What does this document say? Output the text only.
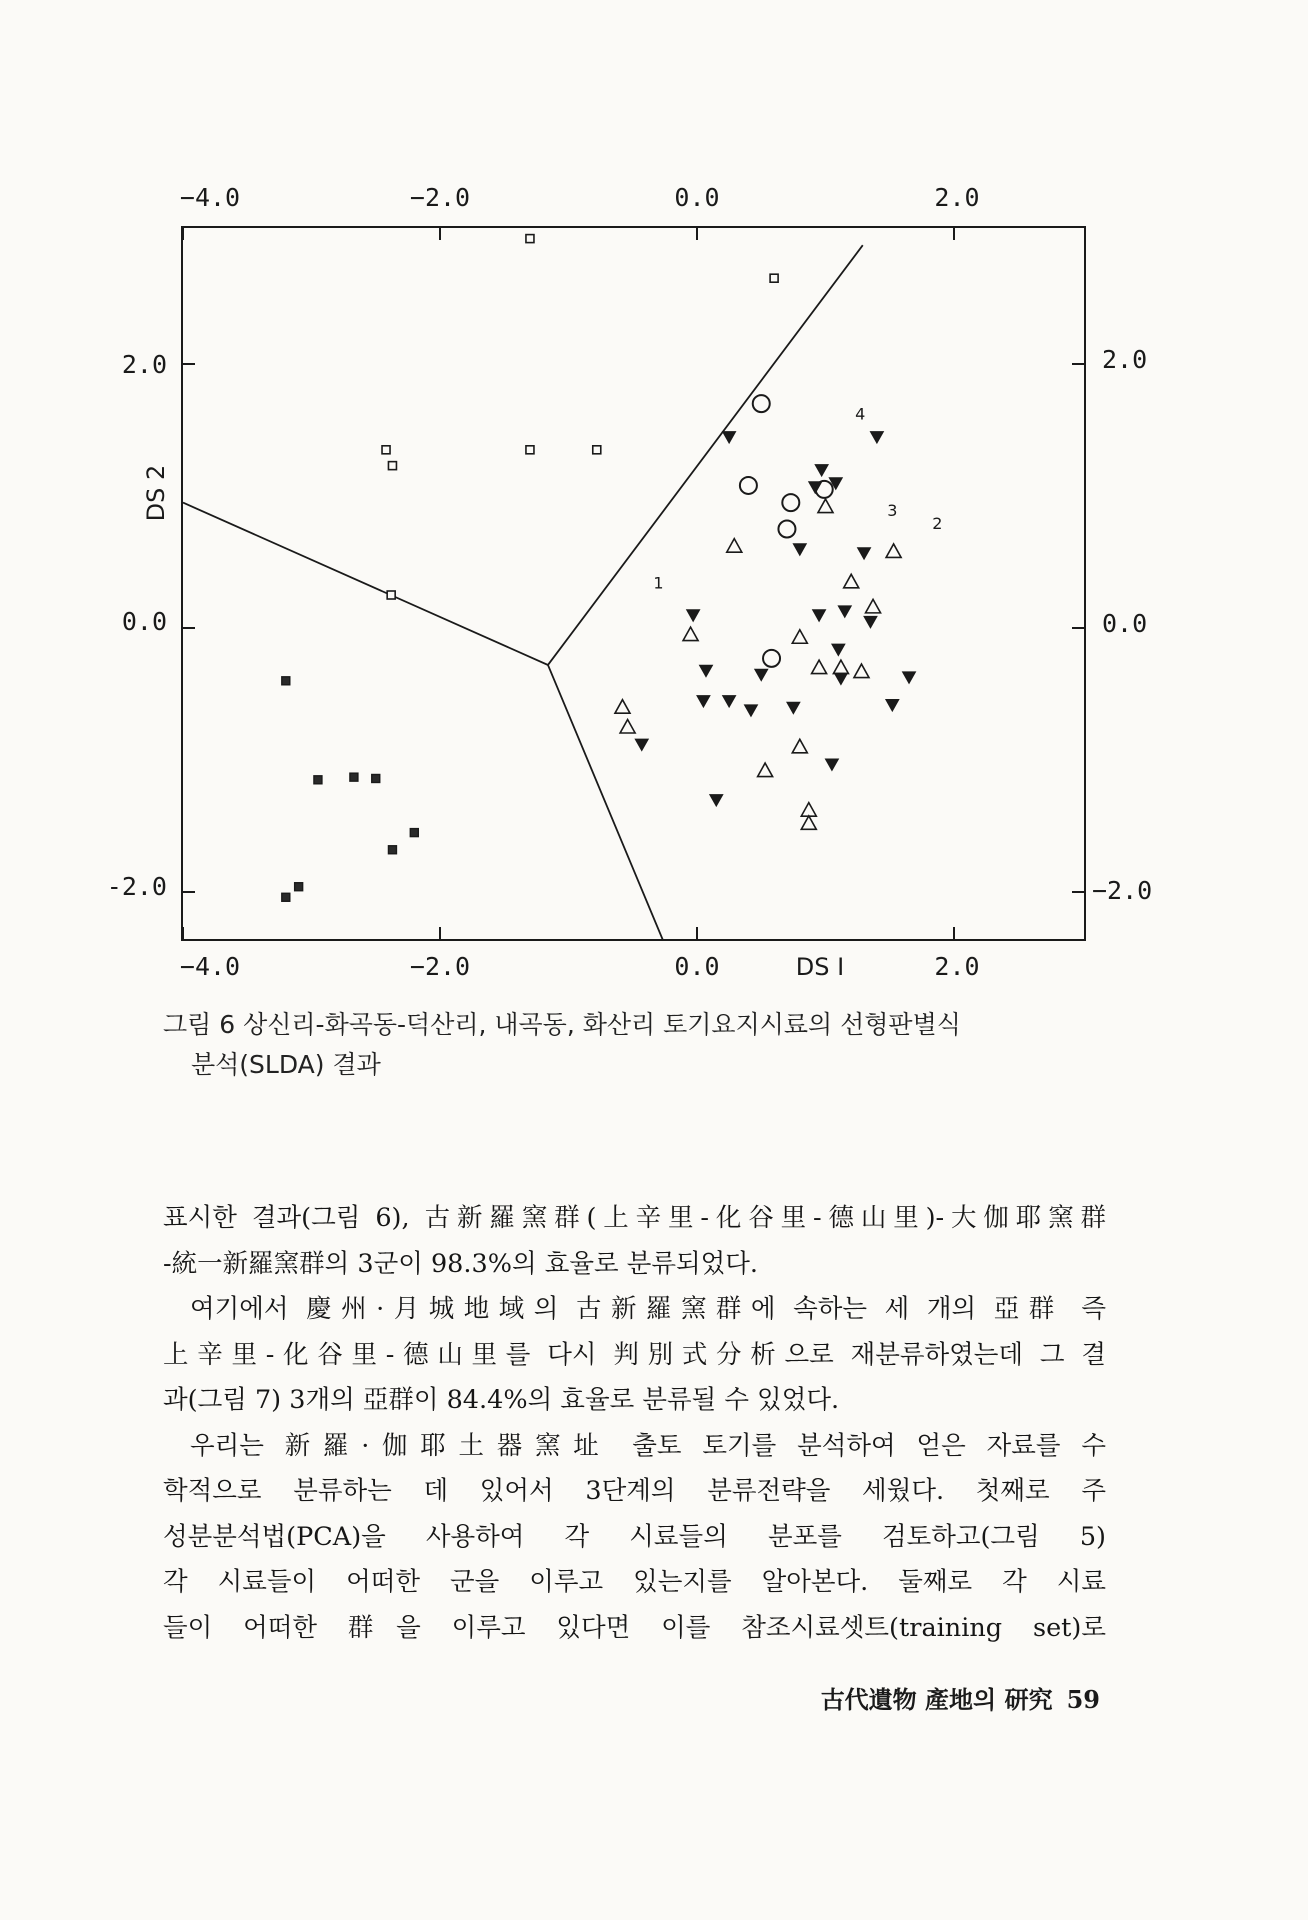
1
2
3
4
−4.0	−2.0	0.0	2.0
−4.0	−2.0	0.0	2.0
2.0
0.0
-2.0
2.0
0.0
−2.0
DS I
DS 2
그림 6 상신리-화곡동-덕산리, 내곡동, 화산리 토기요지시료의 선형판별식
분석(SLDA) 결과

표시한 결과(그림 6), 古新羅窯群(上辛里-化谷里-德山里)-大伽耶窯群

-統一新羅窯群의 3군이 98.3%의 효율로 분류되었다.

여기에서 慶州·月城地域의 古新羅窯群에 속하는 세 개의 亞群 즉

上辛里-化谷里-德山里를 다시 判別式分析으로 재분류하였는데 그 결

과(그림 7) 3개의 亞群이 84.4%의 효율로 분류될 수 있었다.

우리는 新羅·伽耶土器窯址 출토 토기를 분석하여 얻은 자료를 수

학적으로 분류하는 데 있어서 3단계의 분류전략을 세웠다. 첫째로 주

성분분석법(PCA)을 사용하여 각 시료들의 분포를 검토하고(그림 5)

각 시료들이 어떠한 군을 이루고 있는지를 알아본다. 둘째로 각 시료

들이 어떠한 群을 이루고 있다면 이를 참조시료셋트(training set)로

古代遺物 產地의 研究 59
